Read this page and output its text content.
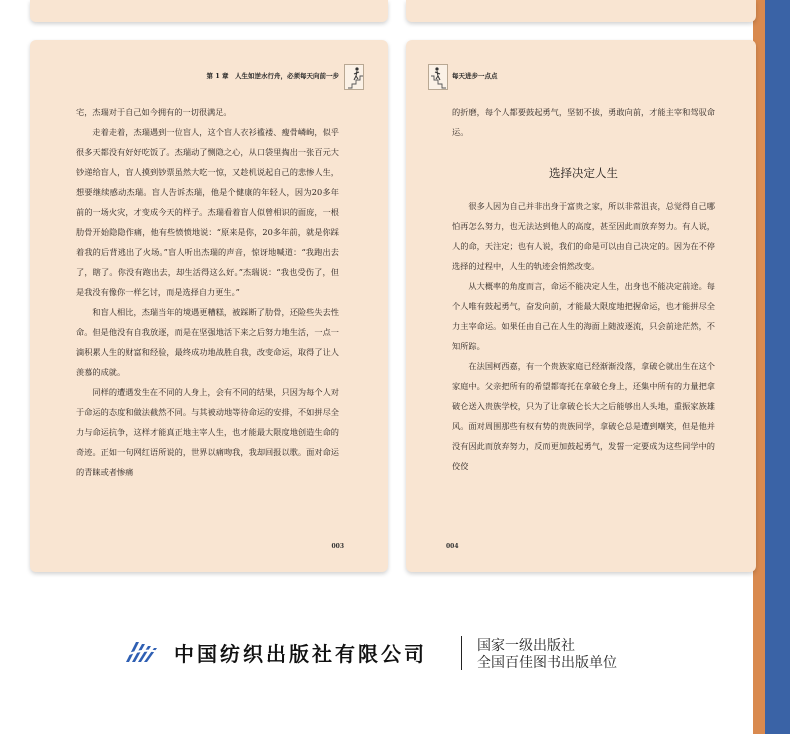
第 1 章　人生如逆水行舟，必须每天向前一步

宅，杰瑞对于自己如今拥有的一切很满足。

走着走着，杰瑞遇到一位盲人，这个盲人衣衫褴褛、瘦骨嶙峋，似乎很多天都没有好好吃饭了。杰瑞动了恻隐之心，从口袋里掏出一张百元大钞递给盲人，盲人摸到钞票虽然大吃一惊，又趁机说起自己的悲惨人生，想要继续感动杰瑞。盲人告诉杰瑞，他是个健康的年轻人，因为20多年前的一场火灾，才变成今天的样子。杰瑞看着盲人似曾相识的面庞，一根肋骨开始隐隐作痛，他有些愤愤地说：“原来是你，20多年前，就是你踩着我的后背逃出了火场。”盲人听出杰瑞的声音，惊讶地喊道：“我跑出去了，瞎了。你没有跑出去，却生活得这么好。”杰瑞说：“我也受伤了，但是我没有像你一样乞讨，而是选择自力更生。”

和盲人相比，杰瑞当年的境遇更糟糕，被踩断了肋骨，还险些失去性命。但是他没有自我放逐，而是在坚强地活下来之后努力地生活，一点一滴积累人生的财富和经验，最终成功地战胜自我，改变命运，取得了让人羡慕的成就。

同样的遭遇发生在不同的人身上，会有不同的结果，只因为每个人对于命运的态度和做法截然不同。与其被动地等待命运的安排，不如拼尽全力与命运抗争，这样才能真正地主宰人生，也才能最大限度地创造生命的奇迹。正如一句网红语所说的，世界以痛吻我，我却回报以歌。面对命运的青睐或者惨痛

003
每天进步一点点

的折磨，每个人都要鼓起勇气，坚韧不拔，勇敢向前，才能主宰和驾驭命运。

选择决定人生

很多人因为自己并非出身于富贵之家，所以非常沮丧，总觉得自己哪怕再怎么努力，也无法达到他人的高度，甚至因此而放弃努力。有人说，人的命，天注定；也有人说，我们的命是可以由自己决定的。因为在不停选择的过程中，人生的轨迹会悄然改变。

从大概率的角度而言，命运不能决定人生，出身也不能决定前途。每个人唯有鼓起勇气，奋发向前，才能最大限度地把握命运，也才能拼尽全力主宰命运。如果任由自己在人生的海面上随波逐流，只会前途茫然，不知所踪。

在法国柯西嘉，有一个贵族家庭已经渐渐没落，拿破仑就出生在这个家庭中。父亲把所有的希望都寄托在拿破仑身上，还集中所有的力量把拿破仑送入贵族学校，只为了让拿破仑长大之后能够出人头地，重振家族雄风。面对周围那些有权有势的贵族同学，拿破仑总是遭到嘲笑，但是他并没有因此而放弃努力，反而更加鼓起勇气，发誓一定要成为这些同学中的佼佼

004
中国纺织出版社有限公司	国家一级出版社
全国百佳图书出版单位
